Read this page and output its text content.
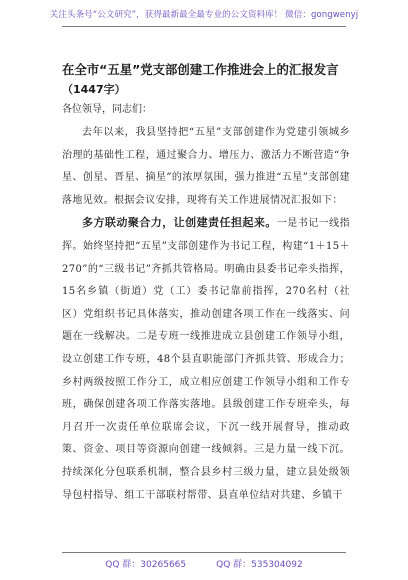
关注头条号“公文研究”，获得最新最全最专业的公文资料库！ 微信：gongwenyj

在全市“五星”党支部创建工作推进会上的汇报发言

（1447字）

各位领导，同志们：

去年以来，我县坚持把“五星”支部创建作为党建引领城乡治理的基础性工程，通过聚合力、增压力、激活力不断营造“争星、创星、晋星、摘星”的浓厚氛围，强力推进“五星”支部创建落地见效。根据会议安排，现将有关工作进展情况汇报如下：

多方联动聚合力，让创建责任担起来。一是书记一线指挥。始终坚持把“五星”支部创建作为书记工程，构建“1＋15＋270”的“三级书记”齐抓共管格局。明确由县委书记牵头指挥，15名乡镇（街道）党（工）委书记靠前指挥，270名村（社区）党组织书记具体落实，推动创建各项工作在一线落实、问题在一线解决。二是专班一线推进成立县创建工作领导小组，设立创建工作专班，48个县直职能部门齐抓共管、形成合力；乡村两级按照工作分工，成立相应创建工作领导小组和工作专班，确保创建各项工作落实落地。县级创建工作专班牵头，每月召开一次责任单位联席会议，下沉一线开展督导，推动政策、资金、项目等资源向创建一线倾斜。三是力量一线下沉。持续深化分包联系机制，整合县乡村三级力量，建立县处级领导包村指导、组工干部联村帮带、县直单位结对共建、乡镇干

QQ 群：30265665	QQ 群：535304092
